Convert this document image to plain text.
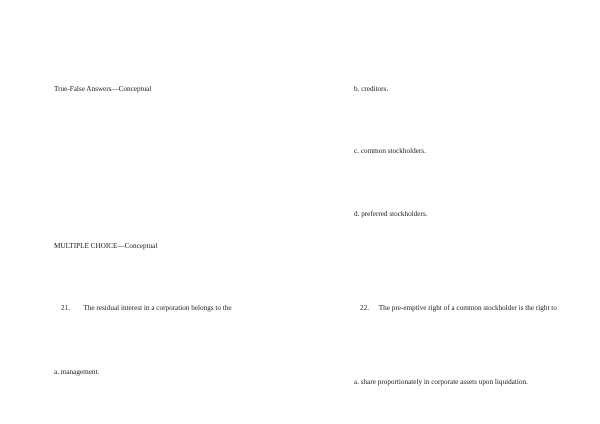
True-False Answers—Conceptual
MULTIPLE CHOICE—Conceptual
21. The residual interest in a corporation belongs to the
a. management.
b. creditors.
c. common stockholders.
d. preferred stockholders.
22. The pre-emptive right of a common stockholder is the right to
a. share proportionately in corporate assets upon liquidation.
